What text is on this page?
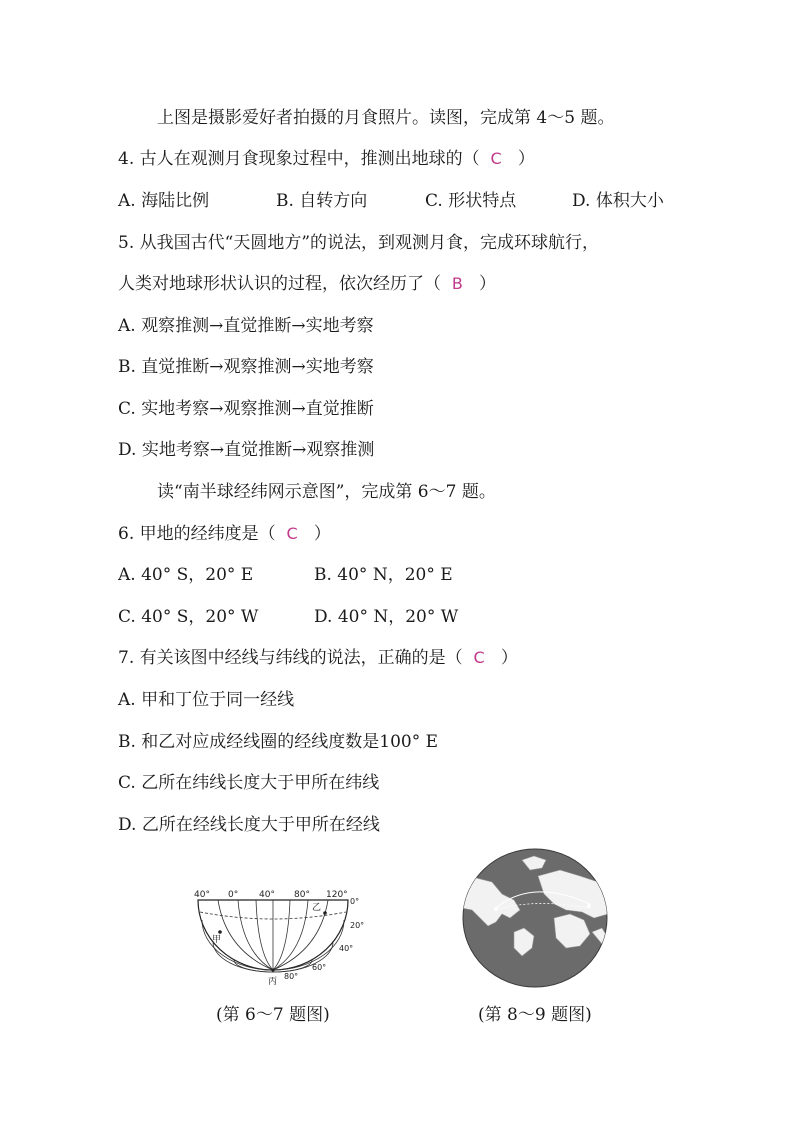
上图是摄影爱好者拍摄的月食照片。读图，完成第 4～5 题。
4. 古人在观测月食现象过程中，推测出地球的（ C ）
A. 海陆比例	B. 自转方向	C. 形状特点	D. 体积大小
5. 从我国古代“天圆地方”的说法，到观测月食，完成环球航行，
人类对地球形状认识的过程，依次经历了（ B ）
A. 观察推测→直觉推断→实地考察
B. 直觉推断→观察推测→实地考察
C. 实地考察→观察推测→直觉推断
D. 实地考察→直觉推断→观察推测
读“南半球经纬网示意图”，完成第 6～7 题。
6. 甲地的经纬度是（ C ）
A. 40° S，20° E	B. 40° N，20° E
C. 40° S，20° W	D. 40° N，20° W
7. 有关该图中经线与纬线的说法，正确的是（ C ）
A. 甲和丁位于同一经线
B. 和乙对应成经线圈的经线度数是100° E
C. 乙所在纬线长度大于甲所在纬线
D. 乙所在经线长度大于甲所在经线
40° 0° 40° 80° 120°
0°
20°
40°
60°
丙
80°
乙
甲
(第 6～7 题图)	(第 8～9 题图)
